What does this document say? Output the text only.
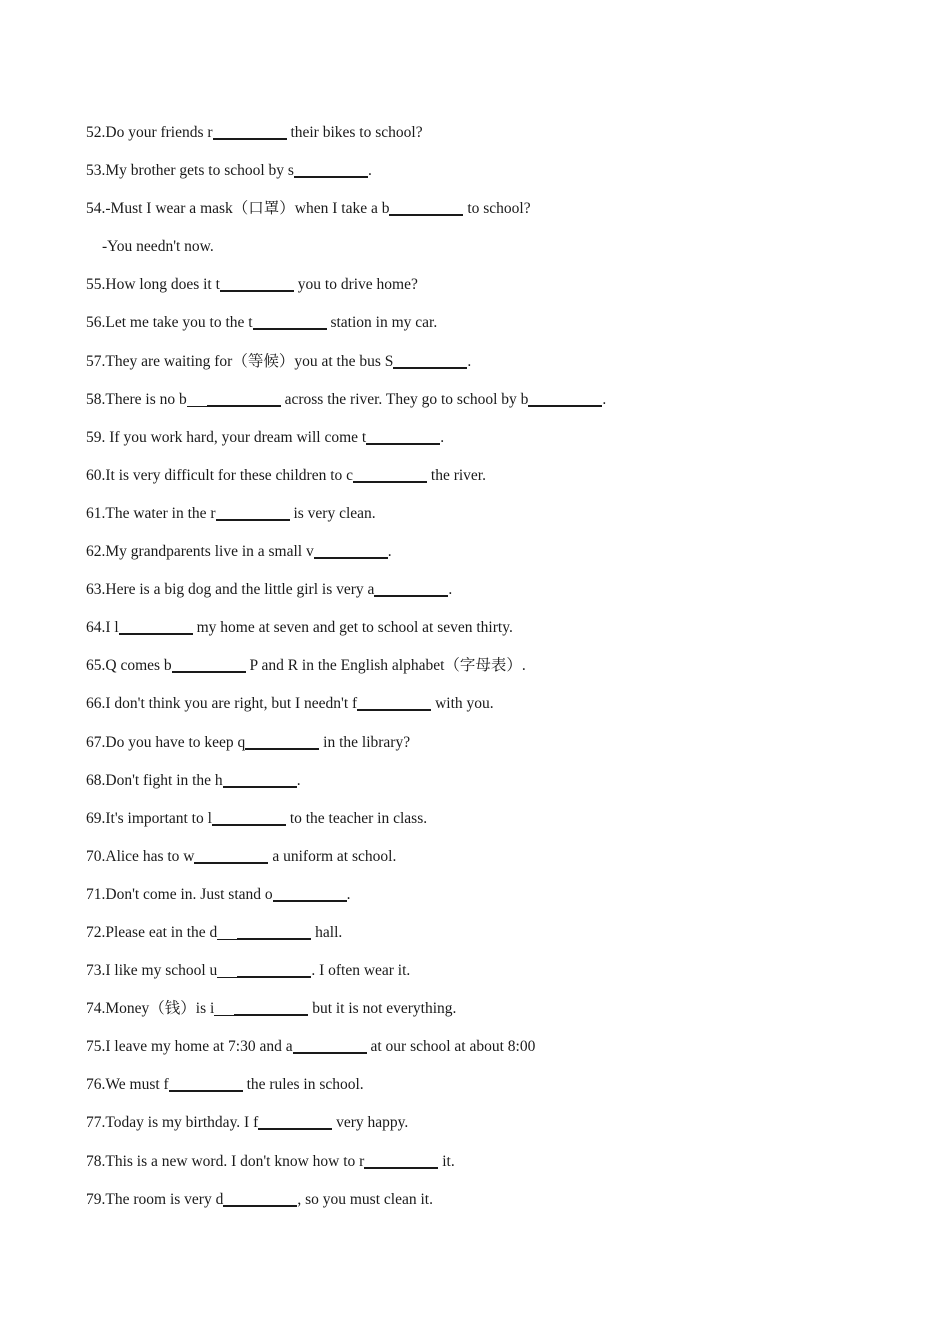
52.Do your friends r	their bikes to school?
53.My brother gets to school by s	.
54.-Must I wear a mask（口罩）when I take a b	to school?
-You needn't now.
55.How long does it t	you to drive home?
56.Let me take you to the t	station in my car.
57.They are waiting for（等候）you at the bus S	.
58.There is no b	across the river. They go to school by b	.
59. If you work hard, your dream will come t	.
60.It is very difficult for these children to c	the river.
61.The water in the r	is very clean.
62.My grandparents live in a small v	.
63.Here is a big dog and the little girl is very a	.
64.I l	my home at seven and get to school at seven thirty.
65.Q comes b	P and R in the English alphabet（字母表）.
66.I don't think you are right, but I needn't f	with you.
67.Do you have to keep q	in the library?
68.Don't fight in the h	.
69.It's important to l	to the teacher in class.
70.Alice has to w	a uniform at school.
71.Don't come in. Just stand o	.
72.Please eat in the d	hall.
73.I like my school u	. I often wear it.
74.Money（钱）is i	but it is not everything.
75.I leave my home at 7:30 and a	at our school at about 8:00
76.We must f	the rules in school.
77.Today is my birthday. I f	very happy.
78.This is a new word. I don't know how to r	it.
79.The room is very d	, so you must clean it.
